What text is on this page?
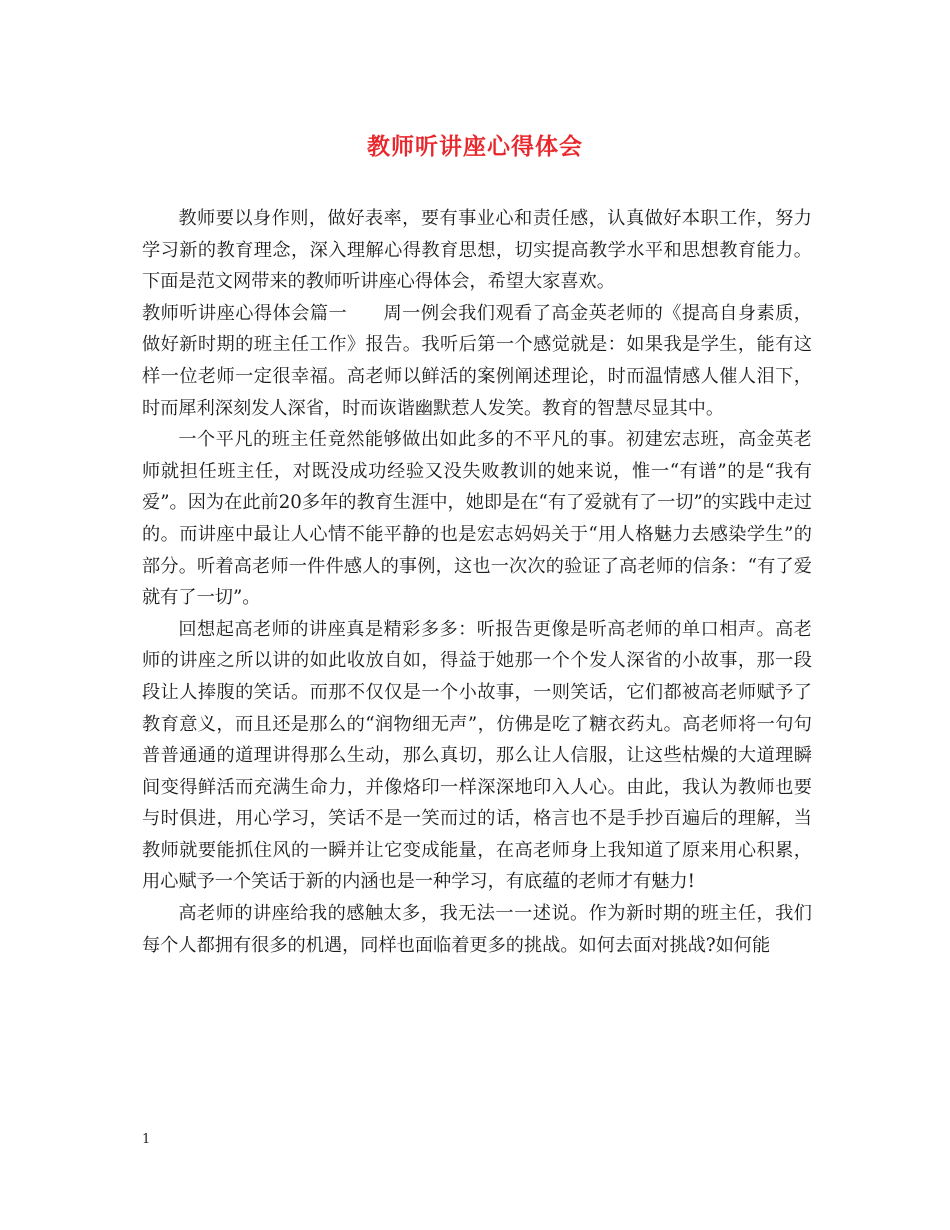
教师听讲座心得体会

教师要以身作则，做好表率，要有事业心和责任感，认真做好本职工作，努力学习新的教育理念，深入理解心得教育思想，切实提高教学水平和思想教育能力。下面是范文网带来的教师听讲座心得体会，希望大家喜欢。

教师听讲座心得体会篇一 周一例会我们观看了高金英老师的《提高自身素质，做好新时期的班主任工作》报告。我听后第一个感觉就是：如果我是学生，能有这样一位老师一定很幸福。高老师以鲜活的案例阐述理论，时而温情感人催人泪下，时而犀利深刻发人深省，时而诙谐幽默惹人发笑。教育的智慧尽显其中。

一个平凡的班主任竟然能够做出如此多的不平凡的事。初建宏志班，高金英老师就担任班主任，对既没成功经验又没失败教训的她来说，惟一“有谱”的是“我有爱”。因为在此前20多年的教育生涯中，她即是在“有了爱就有了一切”的实践中走过的。而讲座中最让人心情不能平静的也是宏志妈妈关于“用人格魅力去感染学生”的部分。听着高老师一件件感人的事例，这也一次次的验证了高老师的信条：“有了爱就有了一切”。

回想起高老师的讲座真是精彩多多：听报告更像是听高老师的单口相声。高老师的讲座之所以讲的如此收放自如，得益于她那一个个发人深省的小故事，那一段段让人捧腹的笑话。而那不仅仅是一个小故事，一则笑话，它们都被高老师赋予了教育意义，而且还是那么的“润物细无声”，仿佛是吃了糖衣药丸。高老师将一句句普普通通的道理讲得那么生动，那么真切，那么让人信服，让这些枯燥的大道理瞬间变得鲜活而充满生命力，并像烙印一样深深地印入人心。由此，我认为教师也要与时俱进，用心学习，笑话不是一笑而过的话，格言也不是手抄百遍后的理解，当教师就要能抓住风的一瞬并让它变成能量，在高老师身上我知道了原来用心积累，用心赋予一个笑话于新的内涵也是一种学习，有底蕴的老师才有魅力!

高老师的讲座给我的感触太多，我无法一一述说。作为新时期的班主任，我们每个人都拥有很多的机遇，同样也面临着更多的挑战。如何去面对挑战?如何能

1
